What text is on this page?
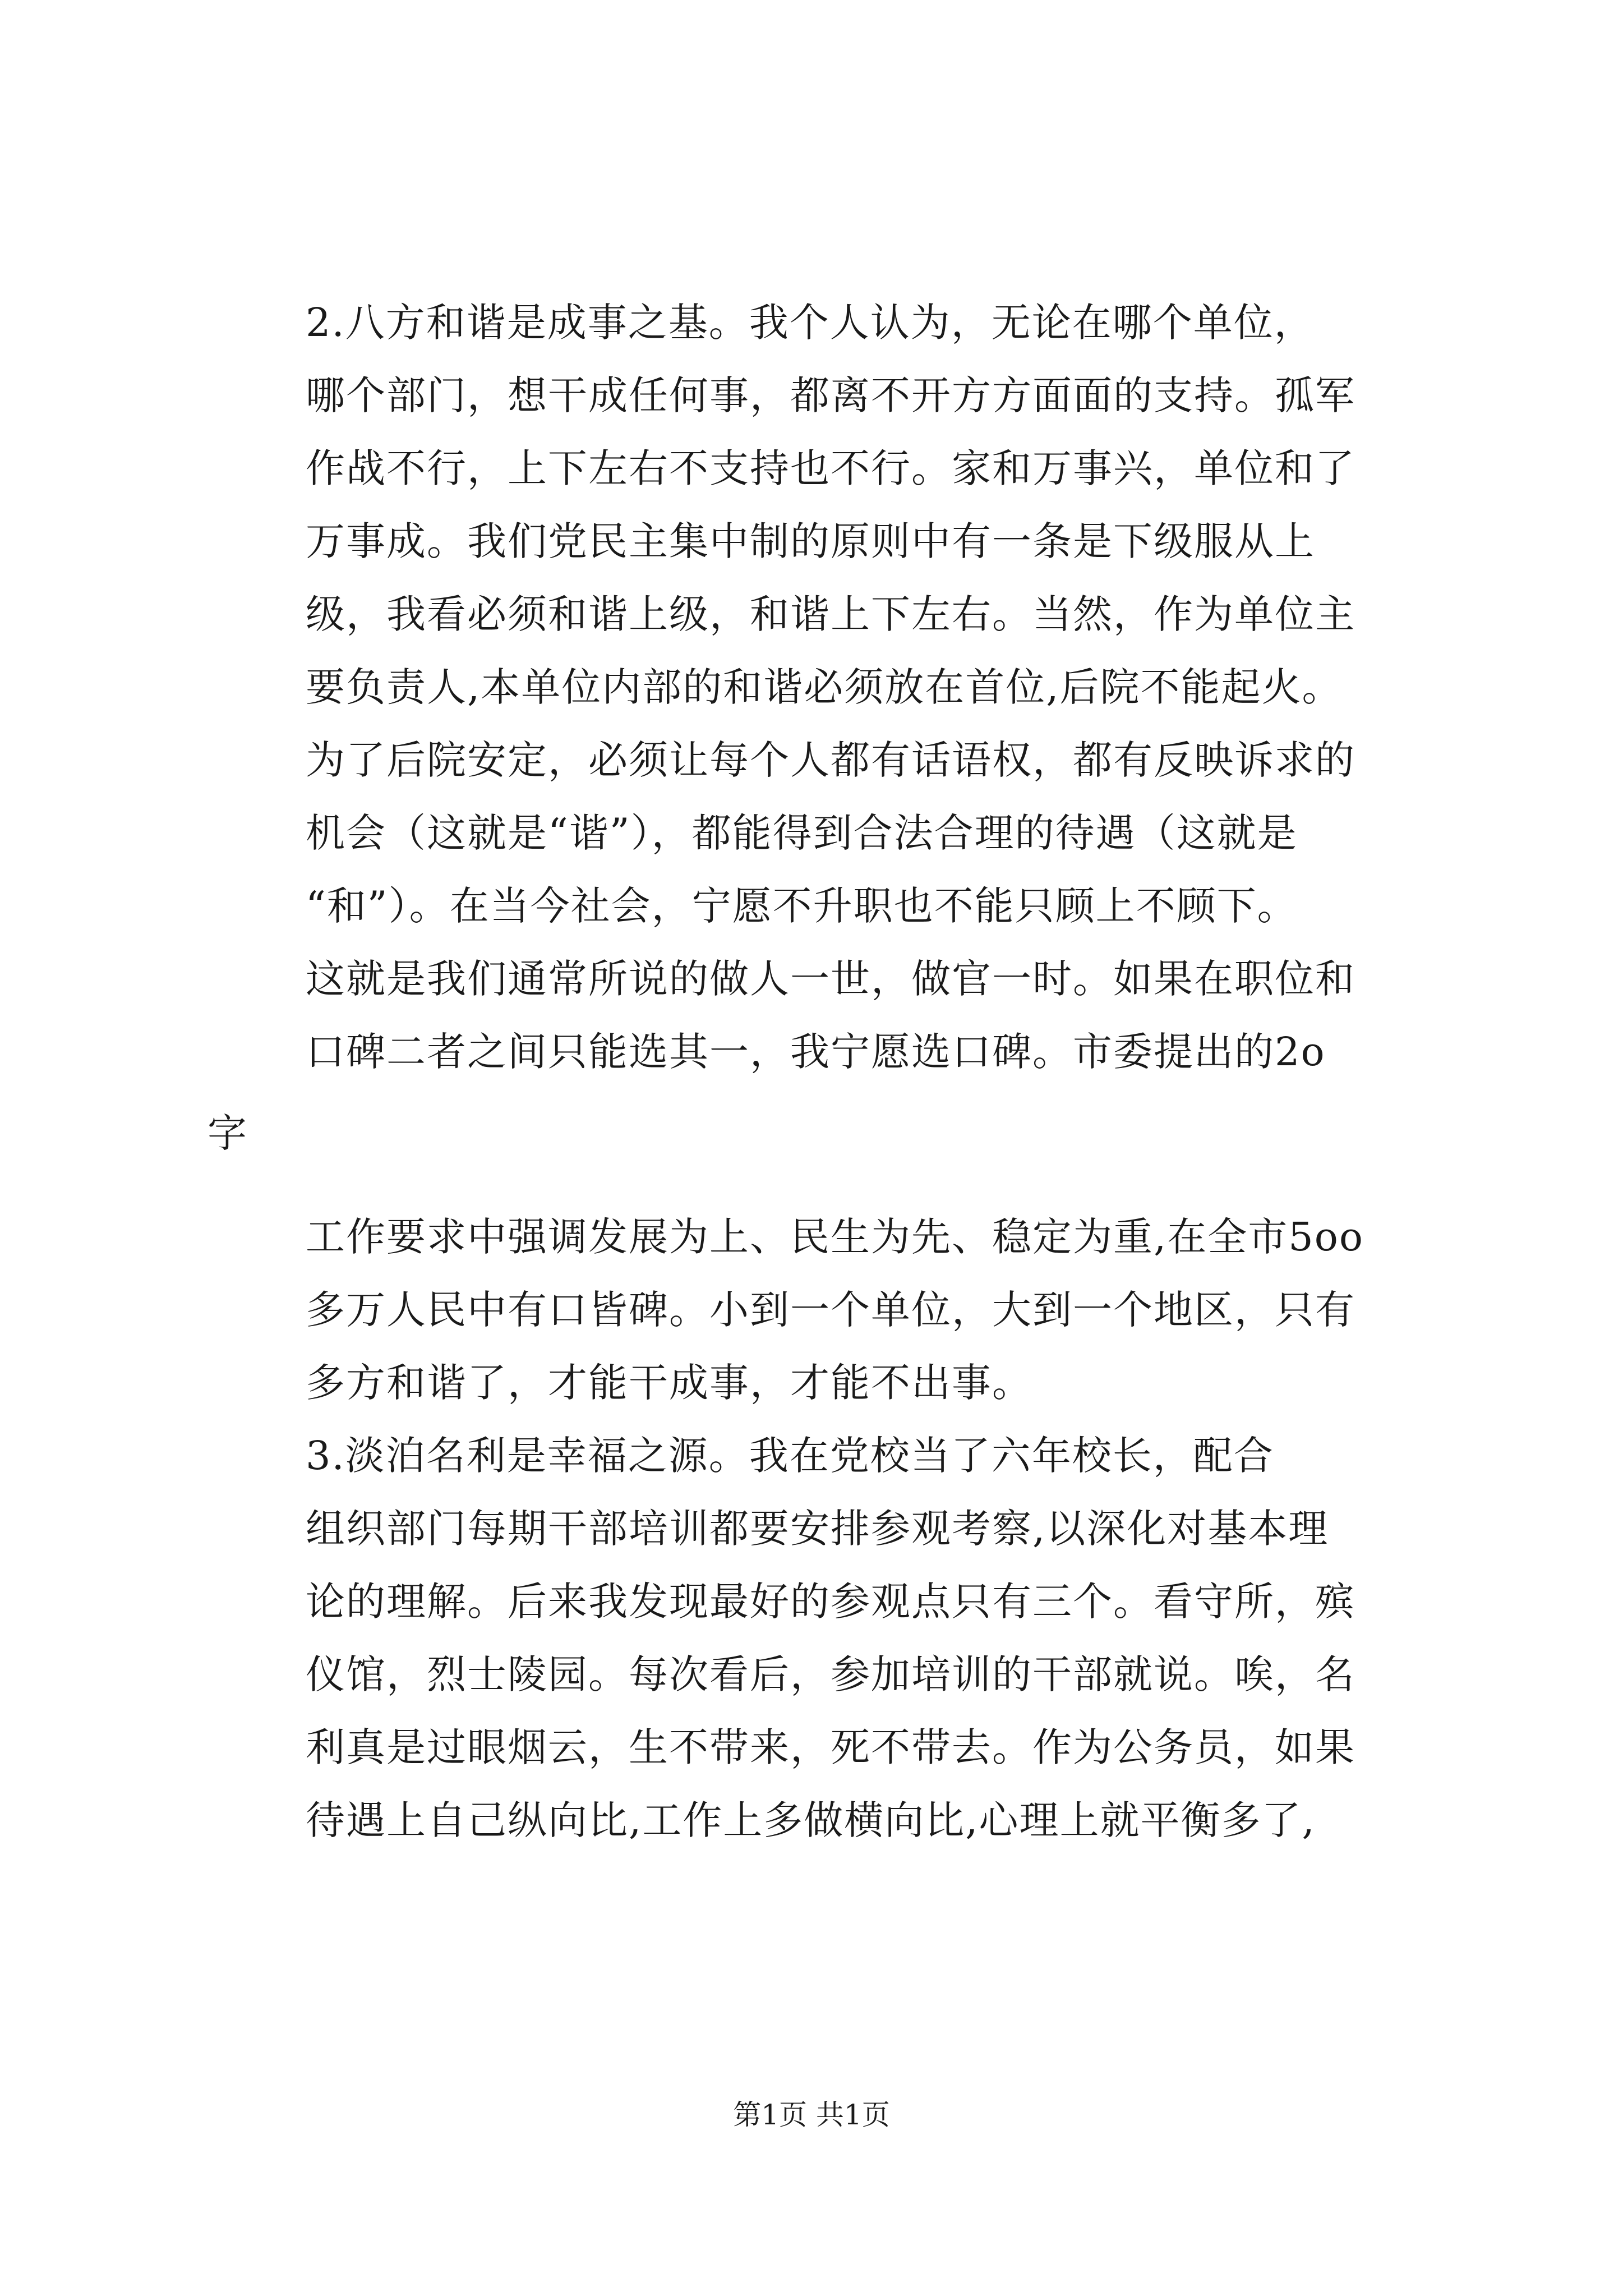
2.八方和谐是成事之基。我个人认为，无论在哪个单位，
哪个部门，想干成任何事，都离不开方方面面的支持。孤军
作战不行，上下左右不支持也不行。家和万事兴，单位和了
万事成。我们党民主集中制的原则中有一条是下级服从上
级，我看必须和谐上级，和谐上下左右。当然，作为单位主
要负责人,本单位内部的和谐必须放在首位,后院不能起火。
为了后院安定，必须让每个人都有话语权，都有反映诉求的
机会（这就是“谐”），都能得到合法合理的待遇（这就是
“和”）。在当今社会，宁愿不升职也不能只顾上不顾下。
这就是我们通常所说的做人一世，做官一时。如果在职位和
口碑二者之间只能选其一，我宁愿选口碑。市委提出的2o
字
工作要求中强调发展为上、民生为先、稳定为重,在全市5oo
多万人民中有口皆碑。小到一个单位，大到一个地区，只有
多方和谐了，才能干成事，才能不出事。
3.淡泊名利是幸福之源。我在党校当了六年校长，配合
组织部门每期干部培训都要安排参观考察,以深化对基本理
论的理解。后来我发现最好的参观点只有三个。看守所，殡
仪馆，烈士陵园。每次看后，参加培训的干部就说。唉，名
利真是过眼烟云，生不带来，死不带去。作为公务员，如果
待遇上自己纵向比,工作上多做横向比,心理上就平衡多了,
第1页 共1页
